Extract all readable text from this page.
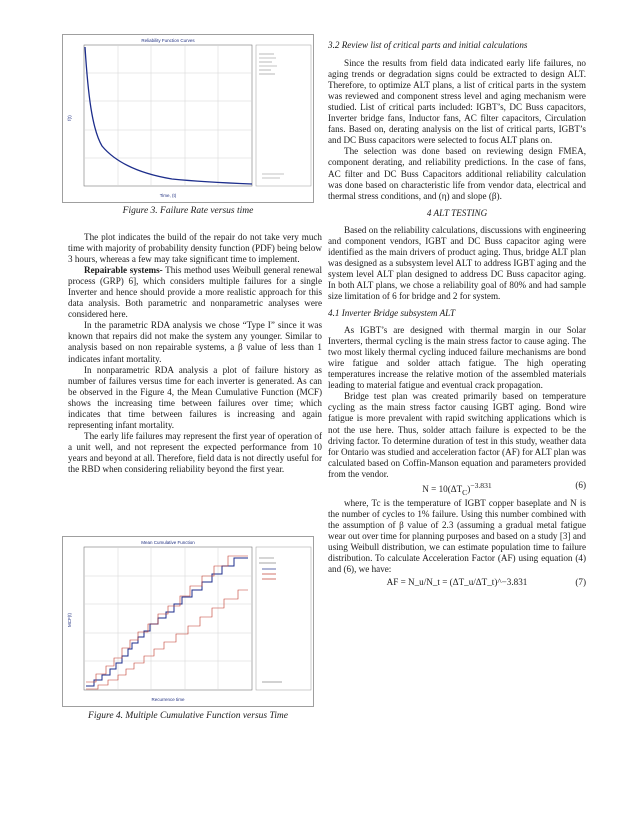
Reliability Function Curves
f(t)
Time, (t)
Figure 3. Failure Rate versus time

The plot indicates the build of the repair do not take very much time with majority of probability density function (PDF) being below 3 hours, whereas a few may take significant time to implement.

Repairable systems- This method uses Weibull general renewal process (GRP) 6], which considers multiple failures for a single Inverter and hence should provide a more realistic approach for this data analysis. Both parametric and nonparametric analyses were considered here.

In the parametric RDA analysis we chose “Type I” since it was known that repairs did not make the system any younger. Similar to analysis based on non repairable systems, a β value of less than 1 indicates infant mortality.

In nonparametric RDA analysis a plot of failure history as number of failures versus time for each inverter is generated. As can be observed in the Figure 4, the Mean Cumulative Function (MCF) shows the increasing time between failures over time; which indicates that time between failures is increasing and again representing infant mortality.

The early life failures may represent the first year of operation of a unit well, and not represent the expected performance from 10 years and beyond at all. Therefore, field data is not directly useful for the RBD when considering reliability beyond the first year.

Mean Cumulative Function
MCF(t)
Recurrence time
Figure 4. Multiple Cumulative Function versus Time

3.2 Review list of critical parts and initial calculations

Since the results from field data indicated early life failures, no aging trends or degradation signs could be extracted to design ALT. Therefore, to optimize ALT plans, a list of critical parts in the system was reviewed and component stress level and aging mechanism were studied. List of critical parts included: IGBT’s, DC Buss capacitors, Inverter bridge fans, Inductor fans, AC filter capacitors, Circulation fans. Based on, derating analysis on the list of critical parts, IGBT’s and DC Buss capacitors were selected to focus ALT plans on.

The selection was done based on reviewing design FMEA, component derating, and reliability predictions. In the case of fans, AC filter and DC Buss Capacitors additional reliability calculation was done based on characteristic life from vendor data, electrical and thermal stress conditions, and (η) and slope (β).

4 ALT TESTING

Based on the reliability calculations, discussions with engineering and component vendors, IGBT and DC Buss capacitor aging were identified as the main drivers of product aging. Thus, bridge ALT plan was designed as a subsystem level ALT to address IGBT aging and the system level ALT plan designed to address DC Buss capacitor aging. In both ALT plans, we chose a reliability goal of 80% and had sample size limitation of 6 for bridge and 2 for system.

4.1 Inverter Bridge subsystem ALT

As IGBT’s are designed with thermal margin in our Solar Inverters, thermal cycling is the main stress factor to cause aging. The two most likely thermal cycling induced failure mechanisms are bond wire fatigue and solder attach fatigue. The high operating temperatures increase the relative motion of the assembled materials leading to material fatigue and eventual crack propagation.

Bridge test plan was created primarily based on temperature cycling as the main stress factor causing IGBT aging. Bond wire fatigue is more prevalent with rapid switching applications which is not the use here. Thus, solder attach failure is expected to be the driving factor. To determine duration of test in this study, weather data for Ontario was studied and acceleration factor (AF) for ALT plan was calculated based on Coffin-Manson equation and parameters provided from the vendor.

$N = 10(\Delta T_C)^{-3.831}$	(6)

where, Tc is the temperature of IGBT copper baseplate and N is the number of cycles to 1% failure. Using this number combined with the assumption of β value of 2.3 (assuming a gradual metal fatigue wear out over time for planning purposes and based on a study [3] and using Weibull distribution, we can estimate population time to failure distribution. To calculate Acceleration Factor (AF) using equation (4) and (6), we have:

AF = N_u/N_t = (ΔT_u/ΔT_t)^−3.831	(7)
